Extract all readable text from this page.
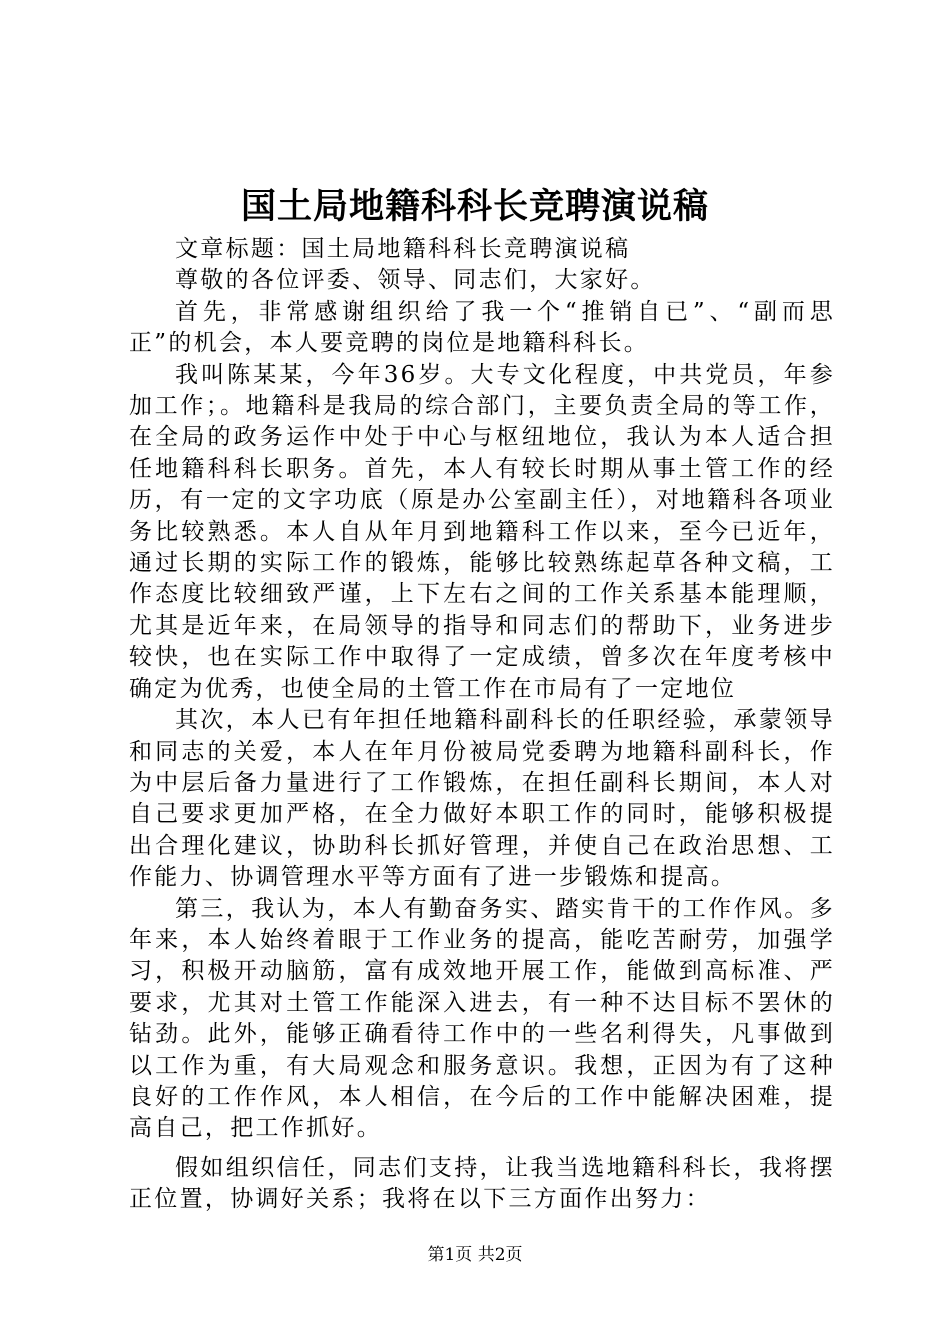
国土局地籍科科长竞聘演说稿

文章标题：国土局地籍科科长竞聘演说稿

尊敬的各位评委、领导、同志们，大家好。

首先，非常感谢组织给了我一个“推销自已”、“副而思正”的机会，本人要竞聘的岗位是地籍科科长。

我叫陈某某，今年36岁。大专文化程度，中共党员，年参加工作；。地籍科是我局的综合部门，主要负责全局的等工作，在全局的政务运作中处于中心与枢纽地位，我认为本人适合担任地籍科科长职务。首先，本人有较长时期从事土管工作的经历，有一定的文字功底（原是办公室副主任），对地籍科各项业务比较熟悉。本人自从年月到地籍科工作以来，至今已近年，通过长期的实际工作的锻炼，能够比较熟练起草各种文稿，工作态度比较细致严谨，上下左右之间的工作关系基本能理顺，尤其是近年来，在局领导的指导和同志们的帮助下，业务进步较快，也在实际工作中取得了一定成绩，曾多次在年度考核中确定为优秀，也使全局的土管工作在市局有了一定地位

其次，本人已有年担任地籍科副科长的任职经验，承蒙领导和同志的关爱，本人在年月份被局党委聘为地籍科副科长，作为中层后备力量进行了工作锻炼，在担任副科长期间，本人对自己要求更加严格，在全力做好本职工作的同时，能够积极提出合理化建议，协助科长抓好管理，并使自己在政治思想、工作能力、协调管理水平等方面有了进一步锻炼和提高。

第三，我认为，本人有勤奋务实、踏实肯干的工作作风。多年来，本人始终着眼于工作业务的提高，能吃苦耐劳，加强学习，积极开动脑筋，富有成效地开展工作，能做到高标准、严要求，尤其对土管工作能深入进去，有一种不达目标不罢休的钻劲。此外，能够正确看待工作中的一些名利得失，凡事做到以工作为重，有大局观念和服务意识。我想，正因为有了这种良好的工作作风，本人相信，在今后的工作中能解决困难，提高自己，把工作抓好。

假如组织信任，同志们支持，让我当选地籍科科长，我将摆正位置，协调好关系；我将在以下三方面作出努力：

第1页 共2页
